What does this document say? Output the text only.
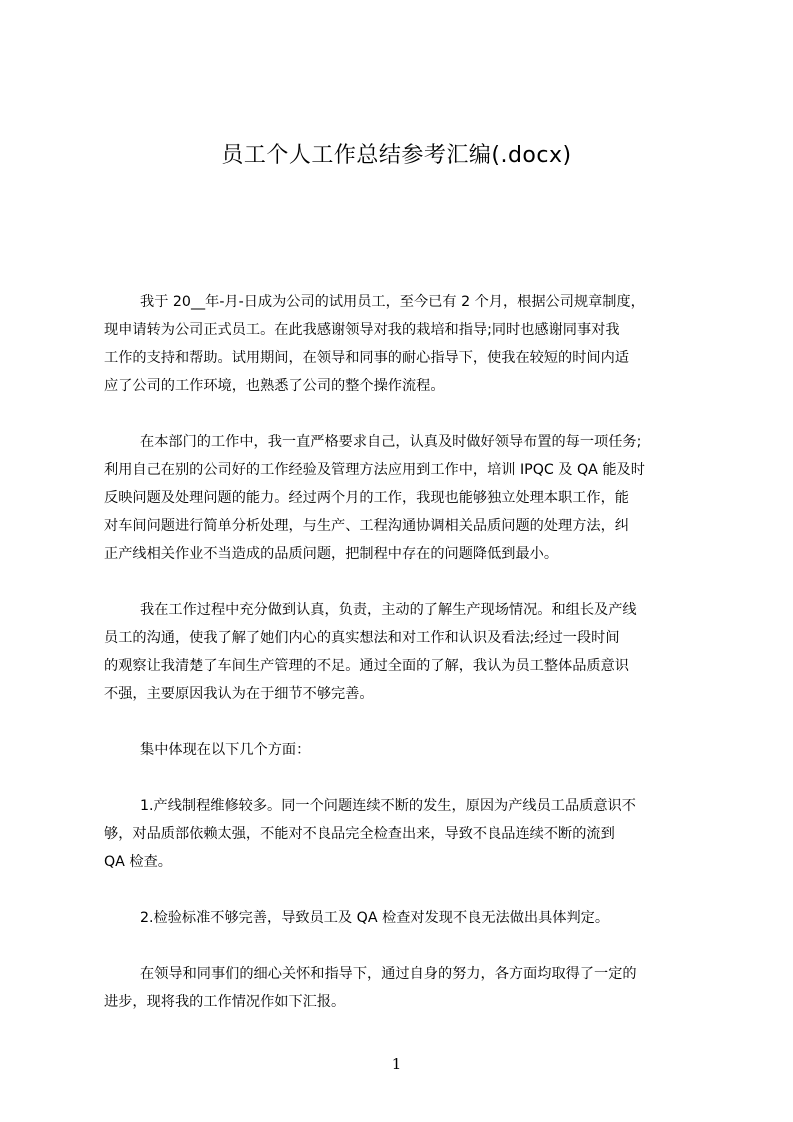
员工个人工作总结参考汇编(.docx)
我于 20__年-月-日成为公司的试用员工，至今已有 2 个月，根据公司规章制度，
现申请转为公司正式员工。在此我感谢领导对我的栽培和指导;同时也感谢同事对我
工作的支持和帮助。试用期间，在领导和同事的耐心指导下，使我在较短的时间内适
应了公司的工作环境，也熟悉了公司的整个操作流程。
在本部门的工作中，我一直严格要求自己，认真及时做好领导布置的每一项任务;
利用自己在别的公司好的工作经验及管理方法应用到工作中，培训 IPQC 及 QA 能及时
反映问题及处理问题的能力。经过两个月的工作，我现也能够独立处理本职工作，能
对车间问题进行简单分析处理，与生产、工程沟通协调相关品质问题的处理方法，纠
正产线相关作业不当造成的品质问题，把制程中存在的问题降低到最小。
我在工作过程中充分做到认真，负责，主动的了解生产现场情况。和组长及产线
员工的沟通，使我了解了她们内心的真实想法和对工作和认识及看法;经过一段时间
的观察让我清楚了车间生产管理的不足。通过全面的了解，我认为员工整体品质意识
不强，主要原因我认为在于细节不够完善。
集中体现在以下几个方面：
1.产线制程维修较多。同一个问题连续不断的发生，原因为产线员工品质意识不
够，对品质部依赖太强，不能对不良品完全检查出来，导致不良品连续不断的流到
QA 检查。
2.检验标准不够完善，导致员工及 QA 检查对发现不良无法做出具体判定。
在领导和同事们的细心关怀和指导下，通过自身的努力，各方面均取得了一定的
进步，现将我的工作情况作如下汇报。
1
